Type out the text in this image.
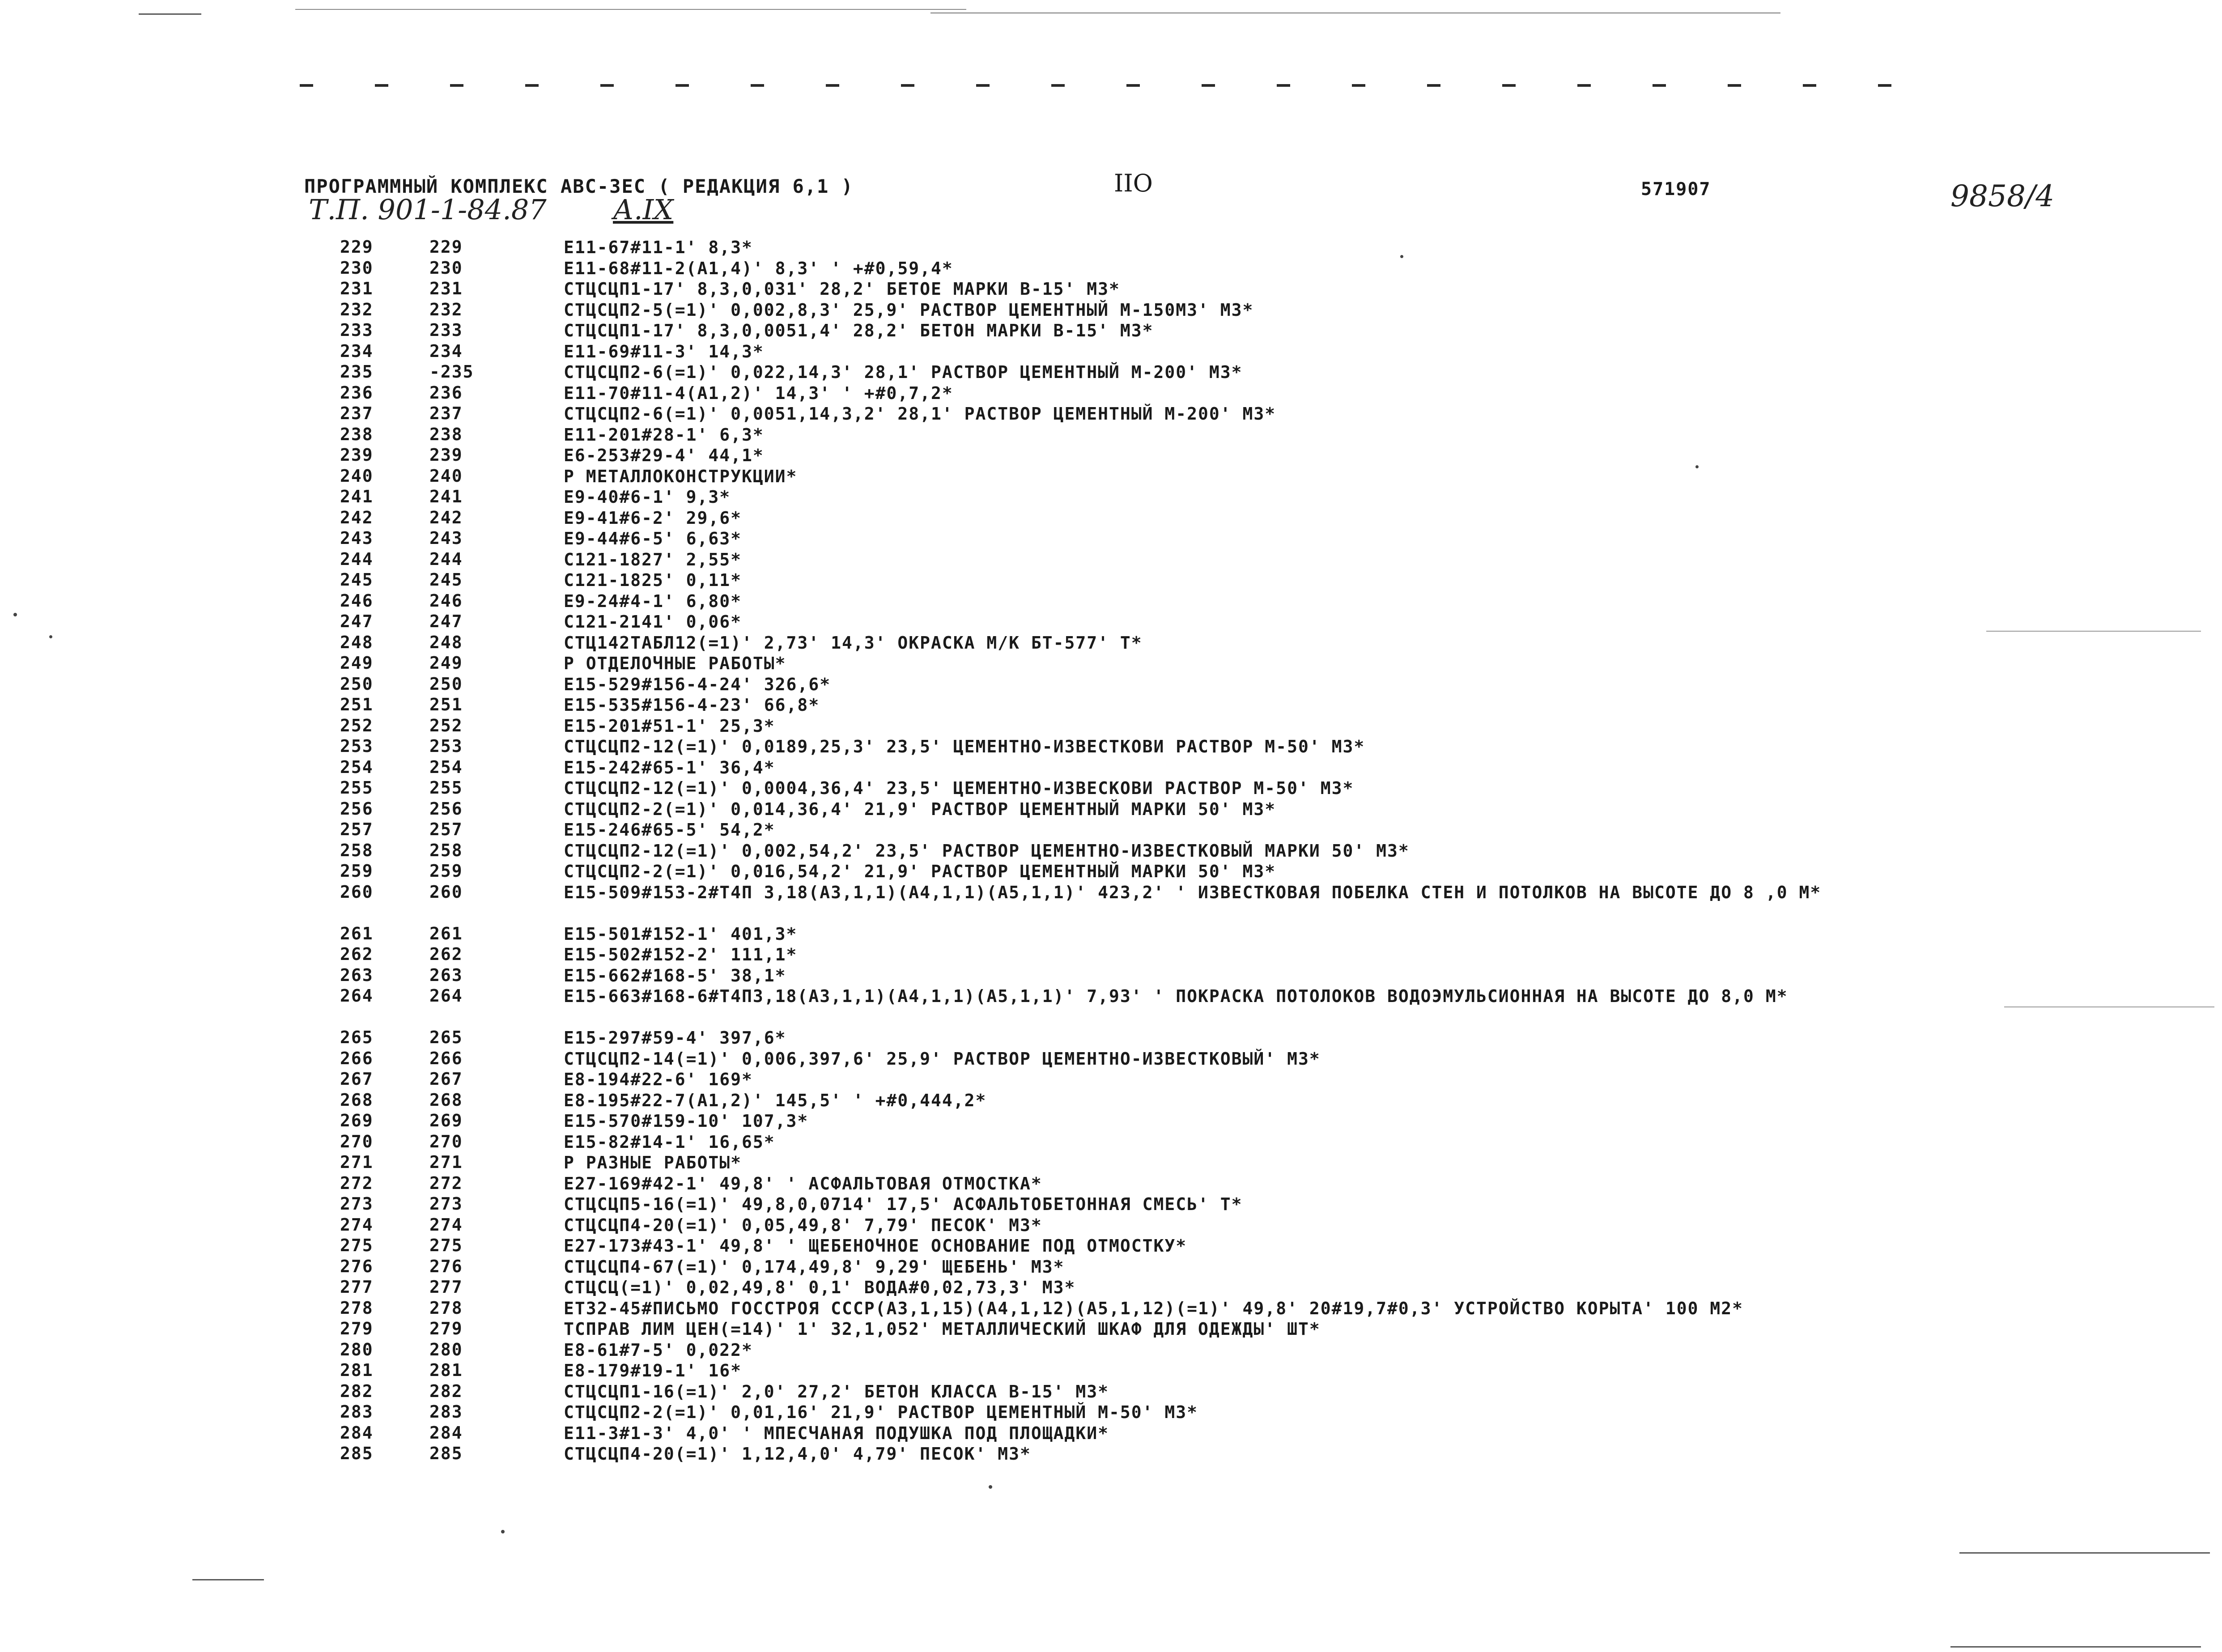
ПРОГРАММНЫЙ КОМПЛЕКС АВС-3ЕС ( РЕДАКЦИЯ 6,1 )	IIO	571907
Т.П. 901-1-84.87 А.IX	9858/4
229	229	Е11-67#11-1' 8,3*
230	230	Е11-68#11-2(А1,4)' 8,3' ' +#0,59,4*
231	231	СТЦСЦП1-17' 8,3,0,031' 28,2' БЕТОЕ МАРКИ В-15' М3*
232	232	СТЦСЦП2-5(=1)' 0,002,8,3' 25,9' РАСТВОР ЦЕМЕНТНЫЙ М-150М3' М3*
233	233	СТЦСЦП1-17' 8,3,0,0051,4' 28,2' БЕТОН МАРКИ В-15' М3*
234	234	Е11-69#11-3' 14,3*
235	-235	СТЦСЦП2-6(=1)' 0,022,14,3' 28,1' РАСТВОР ЦЕМЕНТНЫЙ М-200' М3*
236	236	Е11-70#11-4(А1,2)' 14,3' ' +#0,7,2*
237	237	СТЦСЦП2-6(=1)' 0,0051,14,3,2' 28,1' РАСТВОР ЦЕМЕНТНЫЙ М-200' М3*
238	238	Е11-201#28-1' 6,3*
239	239	Е6-253#29-4' 44,1*
240	240	Р МЕТАЛЛОКОНСТРУКЦИИ*
241	241	Е9-40#6-1' 9,3*
242	242	Е9-41#6-2' 29,6*
243	243	Е9-44#6-5' 6,63*
244	244	С121-1827' 2,55*
245	245	С121-1825' 0,11*
246	246	Е9-24#4-1' 6,80*
247	247	С121-2141' 0,06*
248	248	СТЦ142ТАБЛ12(=1)' 2,73' 14,3' ОКРАСКА М/К БТ-577' Т*
249	249	Р ОТДЕЛОЧНЫЕ РАБОТЫ*
250	250	Е15-529#156-4-24' 326,6*
251	251	Е15-535#156-4-23' 66,8*
252	252	Е15-201#51-1' 25,3*
253	253	СТЦСЦП2-12(=1)' 0,0189,25,3' 23,5' ЦЕМЕНТНО-ИЗВЕСТКОВИ РАСТВОР М-50' М3*
254	254	Е15-242#65-1' 36,4*
255	255	СТЦСЦП2-12(=1)' 0,0004,36,4' 23,5' ЦЕМЕНТНО-ИЗВЕСКОВИ РАСТВОР М-50' М3*
256	256	СТЦСЦП2-2(=1)' 0,014,36,4' 21,9' РАСТВОР ЦЕМЕНТНЫЙ МАРКИ 50' М3*
257	257	Е15-246#65-5' 54,2*
258	258	СТЦСЦП2-12(=1)' 0,002,54,2' 23,5' РАСТВОР ЦЕМЕНТНО-ИЗВЕСТКОВЫЙ МАРКИ 50' М3*
259	259	СТЦСЦП2-2(=1)' 0,016,54,2' 21,9' РАСТВОР ЦЕМЕНТНЫЙ МАРКИ 50' М3*
260	260	Е15-509#153-2#Т4П 3,18(А3,1,1)(А4,1,1)(А5,1,1)' 423,2' ' ИЗВЕСТКОВАЯ ПОБЕЛКА СТЕН И ПОТОЛКОВ НА ВЫСОТЕ ДО 8 ,0 М*
261	261	Е15-501#152-1' 401,3*
262	262	Е15-502#152-2' 111,1*
263	263	Е15-662#168-5' 38,1*
264	264	Е15-663#168-6#Т4П3,18(А3,1,1)(А4,1,1)(А5,1,1)' 7,93' ' ПОКРАСКА ПОТОЛОКОВ ВОДОЭМУЛЬСИОННАЯ НА ВЫСОТЕ ДО 8,0 М*
265	265	Е15-297#59-4' 397,6*
266	266	СТЦСЦП2-14(=1)' 0,006,397,6' 25,9' РАСТВОР ЦЕМЕНТНО-ИЗВЕСТКОВЫЙ' М3*
267	267	Е8-194#22-6' 169*
268	268	Е8-195#22-7(А1,2)' 145,5' ' +#0,444,2*
269	269	Е15-570#159-10' 107,3*
270	270	Е15-82#14-1' 16,65*
271	271	Р РАЗНЫЕ РАБОТЫ*
272	272	Е27-169#42-1' 49,8' ' АСФАЛЬТОВАЯ ОТМОСТКА*
273	273	СТЦСЦП5-16(=1)' 49,8,0,0714' 17,5' АСФАЛЬТОБЕТОННАЯ СМЕСЬ' Т*
274	274	СТЦСЦП4-20(=1)' 0,05,49,8' 7,79' ПЕСОК' М3*
275	275	Е27-173#43-1' 49,8' ' ЩЕБЕНОЧНОЕ ОСНОВАНИЕ ПОД ОТМОСТКУ*
276	276	СТЦСЦП4-67(=1)' 0,174,49,8' 9,29' ЩЕБЕНЬ' М3*
277	277	СТЦСЦ(=1)' 0,02,49,8' 0,1' ВОДА#0,02,73,3' М3*
278	278	ЕТ32-45#ПИСЬМО ГОССТРОЯ СССР(А3,1,15)(А4,1,12)(А5,1,12)(=1)' 49,8' 20#19,7#0,3' УСТРОЙСТВО КОРЫТА' 100 М2*
279	279	ТСПРАВ ЛИМ ЦЕН(=14)' 1' 32,1,052' МЕТАЛЛИЧЕСКИЙ ШКАФ ДЛЯ ОДЕЖДЫ' ШТ*
280	280	Е8-61#7-5' 0,022*
281	281	Е8-179#19-1' 16*
282	282	СТЦСЦП1-16(=1)' 2,0' 27,2' БЕТОН КЛАССА В-15' М3*
283	283	СТЦСЦП2-2(=1)' 0,01,16' 21,9' РАСТВОР ЦЕМЕНТНЫЙ М-50' М3*
284	284	Е11-3#1-3' 4,0' ' МПЕСЧАНАЯ ПОДУШКА ПОД ПЛОЩАДКИ*
285	285	СТЦСЦП4-20(=1)' 1,12,4,0' 4,79' ПЕСОК' М3*
